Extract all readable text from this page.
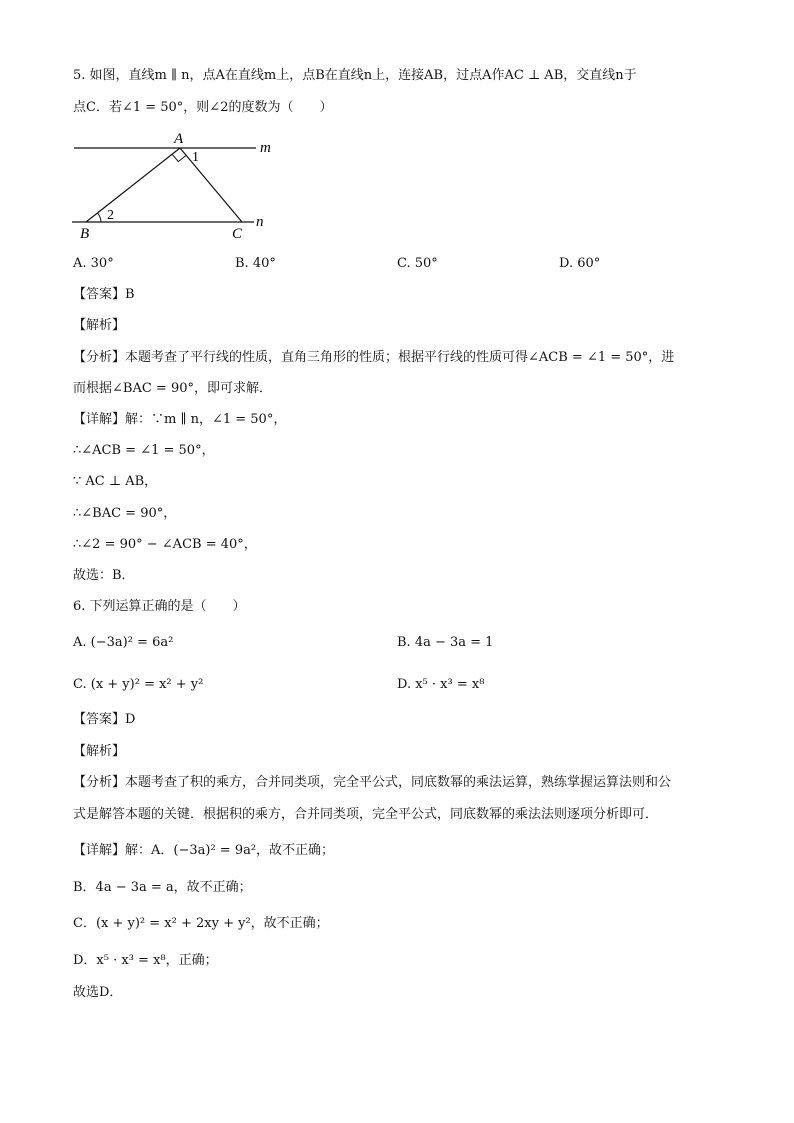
5. 如图，直线m ∥ n，点A在直线m上，点B在直线n上，连接AB，过点A作AC ⊥ AB，交直线n于
点C．若∠1 = 50°，则∠2的度数为（　　）
A
B	C
m
n
1
2
A. 30°	B. 40°	C. 50°	D. 60°
【答案】B
【解析】
【分析】本题考查了平行线的性质，直角三角形的性质；根据平行线的性质可得∠ACB = ∠1 = 50°，进
而根据∠BAC = 90°，即可求解．
【详解】解：∵m ∥ n，∠1 = 50°，
∴∠ACB = ∠1 = 50°，
∵ AC ⊥ AB，
∴∠BAC = 90°，
∴∠2 = 90° − ∠ACB = 40°，
故选：B．
6. 下列运算正确的是（　　）
A. (−3a)² = 6a²	B. 4a − 3a = 1
C. (x + y)² = x² + y²	D. x⁵ · x³ = x⁸
【答案】D
【解析】
【分析】本题考查了积的乘方，合并同类项，完全平公式，同底数幂的乘法运算，熟练掌握运算法则和公
式是解答本题的关键．根据积的乘方，合并同类项，完全平公式，同底数幂的乘法法则逐项分析即可．
【详解】解：A．(−3a)² = 9a²，故不正确；
B．4a − 3a = a，故不正确；
C．(x + y)² = x² + 2xy + y²，故不正确；
D．x⁵ · x³ = x⁸，正确；
故选D．
